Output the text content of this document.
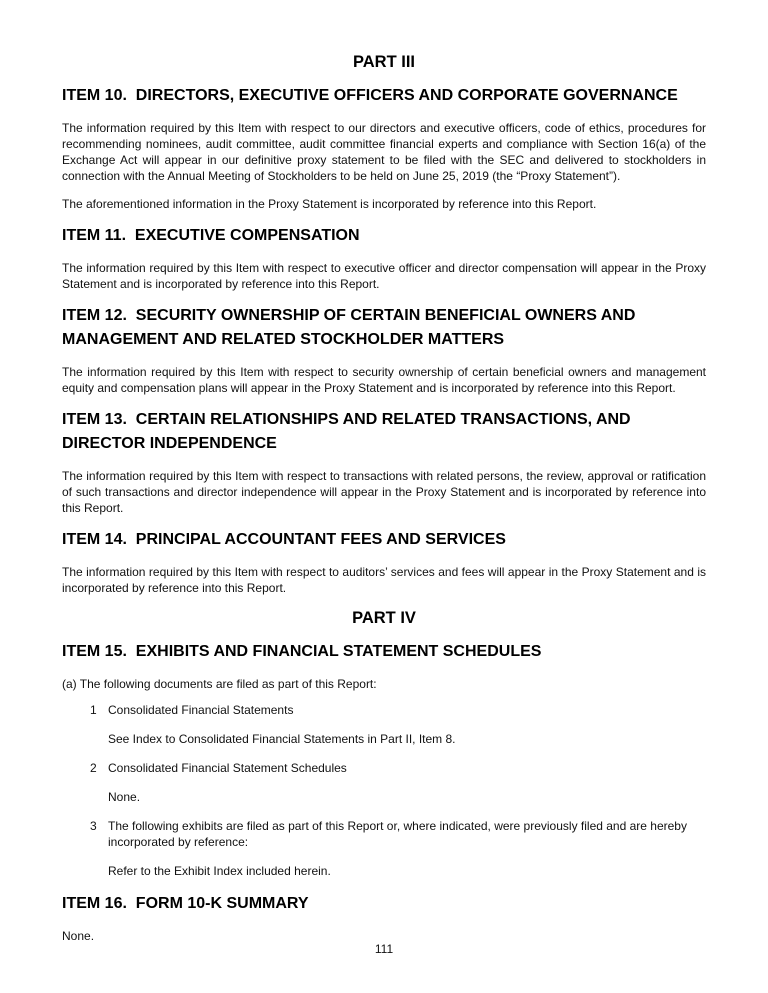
PART III
ITEM 10.  DIRECTORS, EXECUTIVE OFFICERS AND CORPORATE GOVERNANCE

The information required by this Item with respect to our directors and executive officers, code of ethics, procedures for recommending nominees, audit committee, audit committee financial experts and compliance with Section 16(a) of the Exchange Act will appear in our definitive proxy statement to be filed with the SEC and delivered to stockholders in connection with the Annual Meeting of Stockholders to be held on June 25, 2019 (the “Proxy Statement”).

The aforementioned information in the Proxy Statement is incorporated by reference into this Report.

ITEM 11.  EXECUTIVE COMPENSATION

The information required by this Item with respect to executive officer and director compensation will appear in the Proxy Statement and is incorporated by reference into this Report.

ITEM 12.  SECURITY OWNERSHIP OF CERTAIN BENEFICIAL OWNERS AND MANAGEMENT AND RELATED STOCKHOLDER MATTERS

The information required by this Item with respect to security ownership of certain beneficial owners and management equity and compensation plans will appear in the Proxy Statement and is incorporated by reference into this Report.

ITEM 13.  CERTAIN RELATIONSHIPS AND RELATED TRANSACTIONS, AND DIRECTOR INDEPENDENCE

The information required by this Item with respect to transactions with related persons, the review, approval or ratification of such transactions and director independence will appear in the Proxy Statement and is incorporated by reference into this Report.

ITEM 14.  PRINCIPAL ACCOUNTANT FEES AND SERVICES

The information required by this Item with respect to auditors’ services and fees will appear in the Proxy Statement and is incorporated by reference into this Report.

PART IV
ITEM 15.  EXHIBITS AND FINANCIAL STATEMENT SCHEDULES

(a) The following documents are filed as part of this Report:

1 Consolidated Financial Statements
See Index to Consolidated Financial Statements in Part II, Item 8.
2 Consolidated Financial Statement Schedules
None.
3 The following exhibits are filed as part of this Report or, where indicated, were previously filed and are hereby incorporated by reference:
Refer to the Exhibit Index included herein.
ITEM 16.  FORM 10-K SUMMARY

None.

111
